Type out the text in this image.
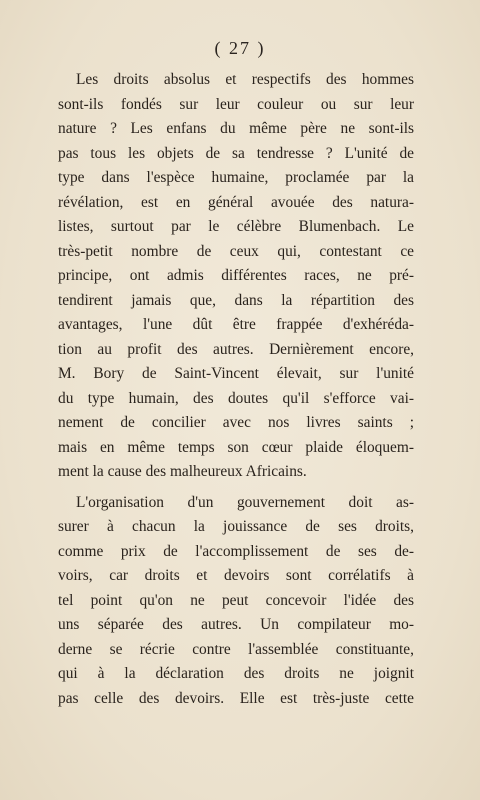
( 27 )
Les droits absolus et respectifs des hommes
sont-ils fondés sur leur couleur ou sur leur
nature ? Les enfans du même père ne sont-ils
pas tous les objets de sa tendresse ? L'unité de
type dans l'espèce humaine, proclamée par la
révélation, est en général avouée des natura-
listes, surtout par le célèbre Blumenbach. Le
très-petit nombre de ceux qui, contestant ce
principe, ont admis différentes races, ne pré-
tendirent jamais que, dans la répartition des
avantages, l'une dût être frappée d'exhéréda-
tion au profit des autres. Dernièrement encore,
M. Bory de Saint-Vincent élevait, sur l'unité
du type humain, des doutes qu'il s'efforce vai-
nement de concilier avec nos livres saints ;
mais en même temps son cœur plaide éloquem-
ment la cause des malheureux Africains.
L'organisation d'un gouvernement doit as-
surer à chacun la jouissance de ses droits,
comme prix de l'accomplissement de ses de-
voirs, car droits et devoirs sont corrélatifs à
tel point qu'on ne peut concevoir l'idée des
uns séparée des autres. Un compilateur mo-
derne se récrie contre l'assemblée constituante,
qui à la déclaration des droits ne joignit
pas celle des devoirs. Elle est très-juste cette
